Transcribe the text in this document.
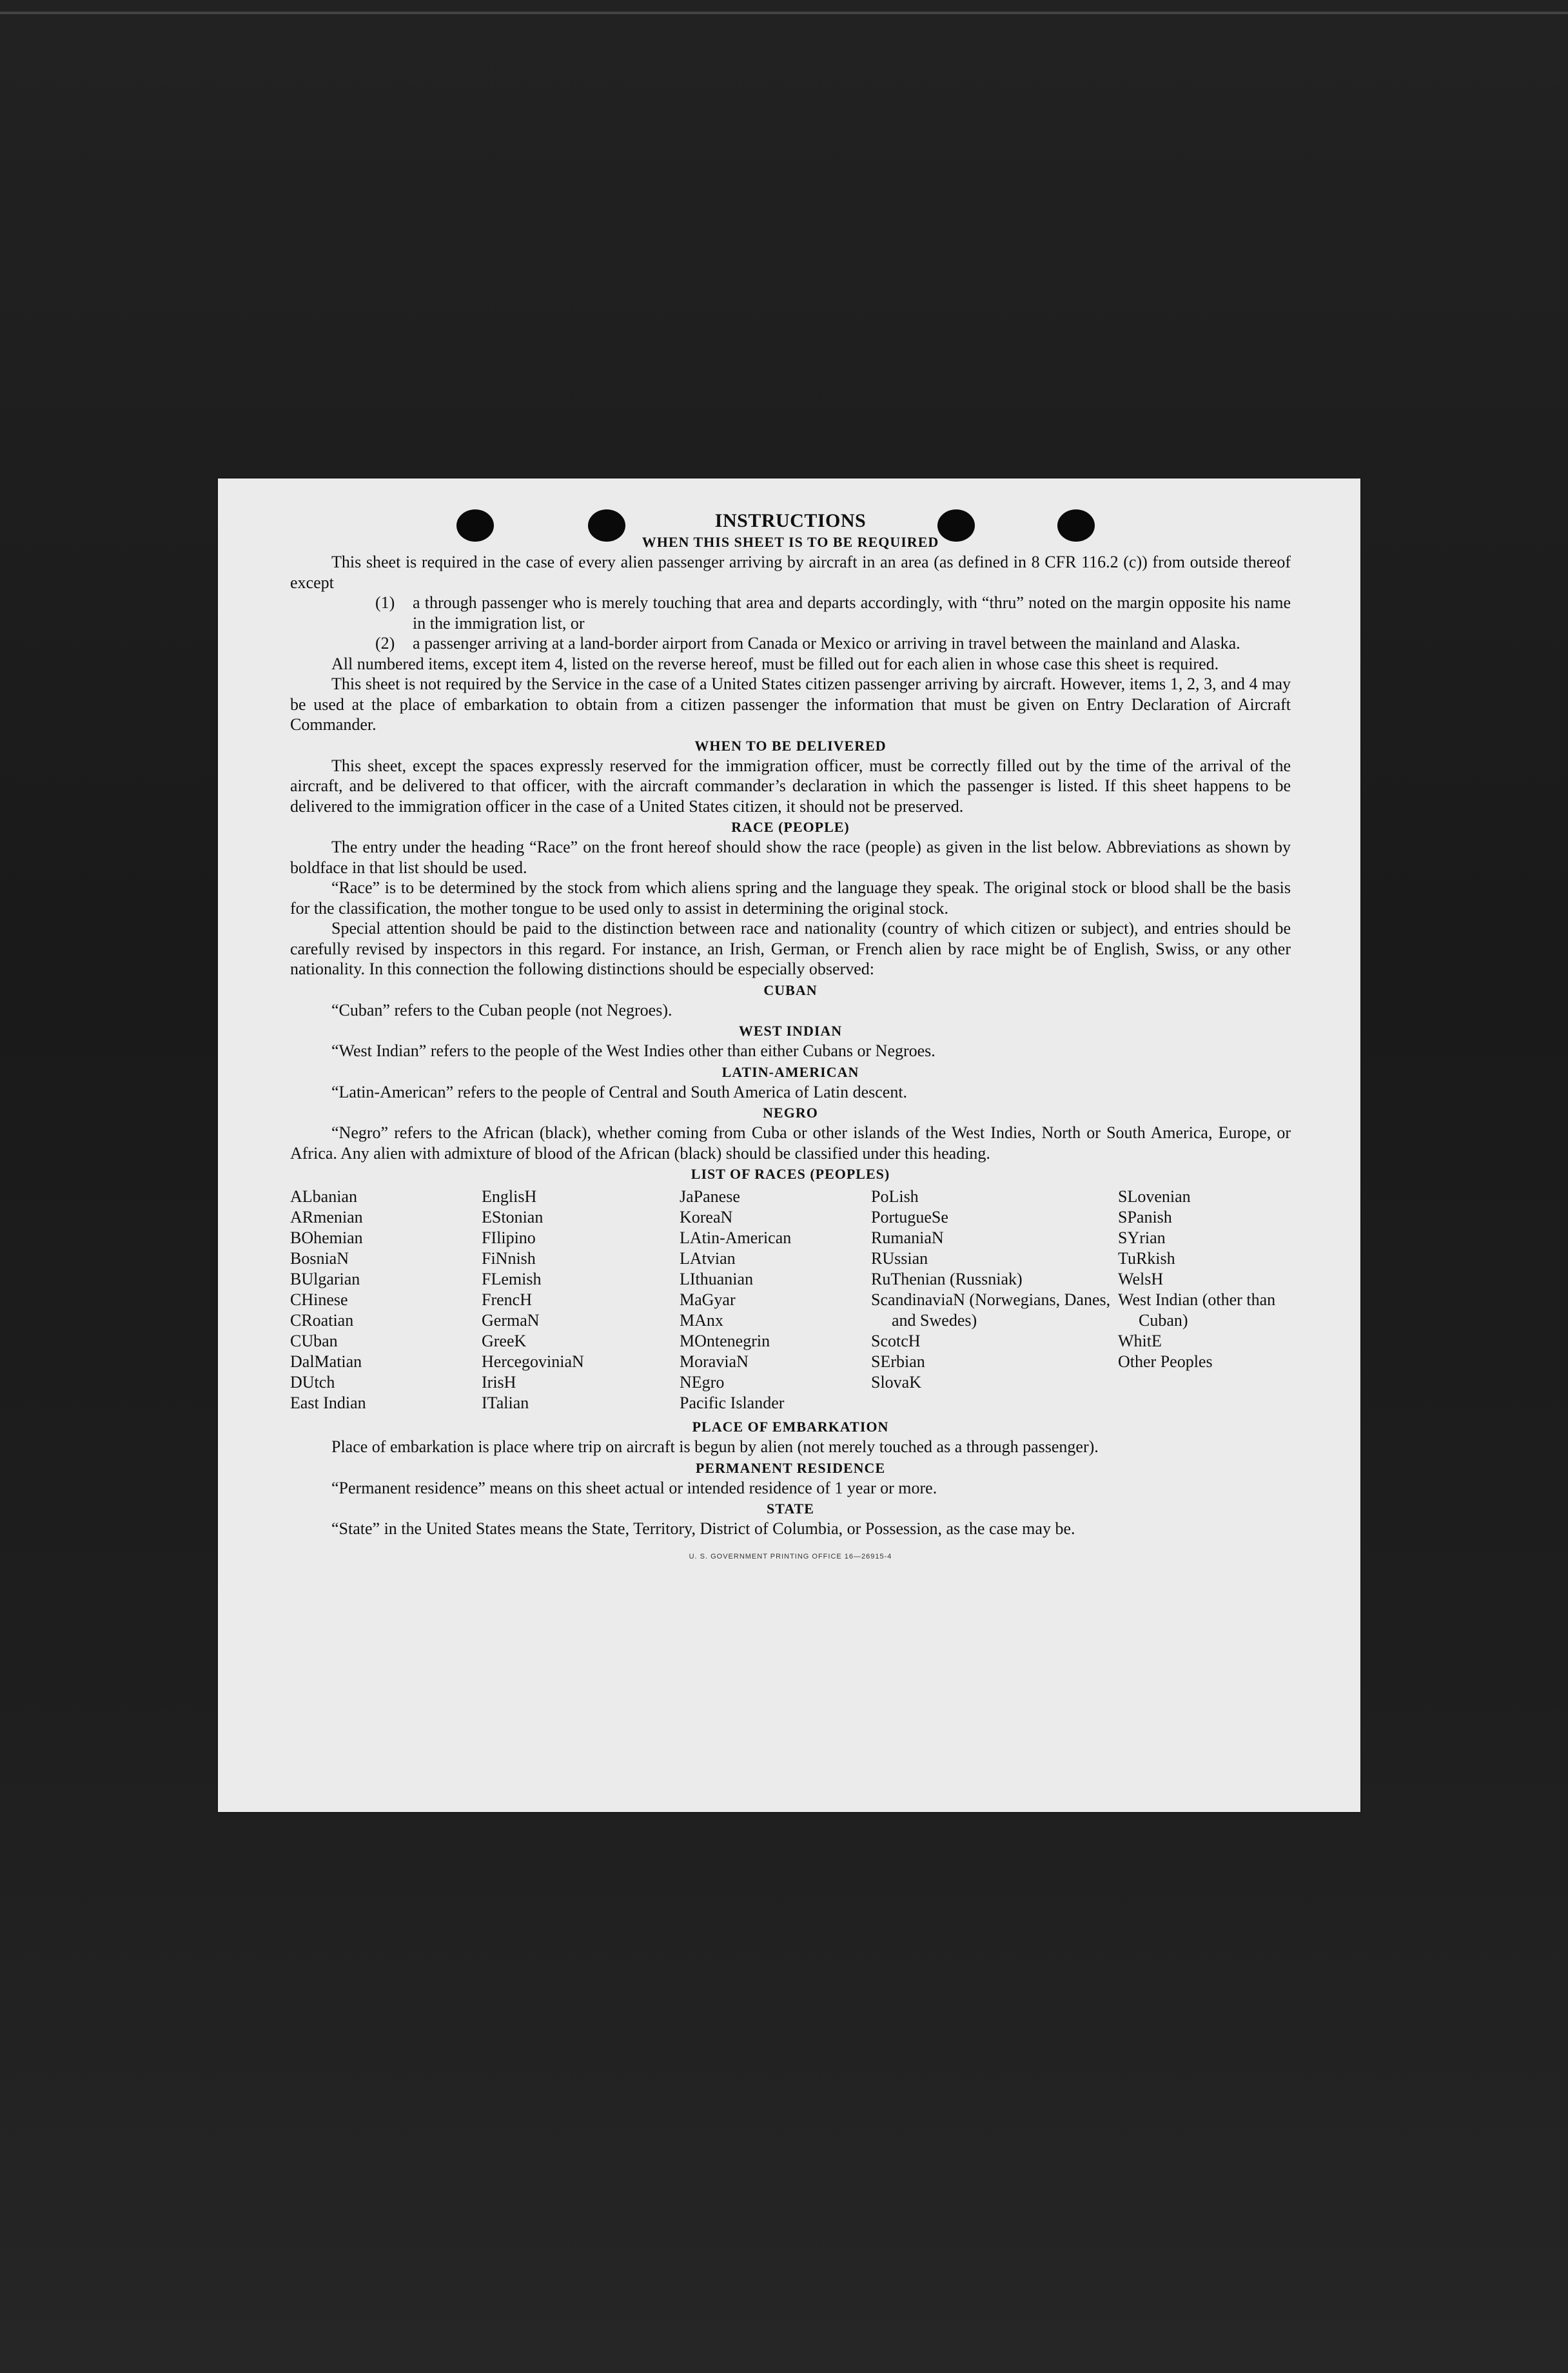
INSTRUCTIONS
WHEN THIS SHEET IS TO BE REQUIRED

This sheet is required in the case of every alien passenger arriving by aircraft in an area (as defined in 8 CFR 116.2 (c)) from outside thereof except

(1)	a through passenger who is merely touching that area and departs accordingly, with “thru” noted on the margin opposite his name in the immigration list, or
(2)	a passenger arriving at a land-border airport from Canada or Mexico or arriving in travel between the mainland and Alaska.

All numbered items, except item 4, listed on the reverse hereof, must be filled out for each alien in whose case this sheet is required.

This sheet is not required by the Service in the case of a United States citizen passenger arriving by aircraft. However, items 1, 2, 3, and 4 may be used at the place of embarkation to obtain from a citizen passenger the information that must be given on Entry Declaration of Aircraft Commander.

WHEN TO BE DELIVERED

This sheet, except the spaces expressly reserved for the immigration officer, must be correctly filled out by the time of the arrival of the aircraft, and be delivered to that officer, with the aircraft commander’s declaration in which the passenger is listed. If this sheet happens to be delivered to the immigration officer in the case of a United States citizen, it should not be preserved.

RACE (PEOPLE)

The entry under the heading “Race” on the front hereof should show the race (people) as given in the list below. Abbreviations as shown by boldface in that list should be used.

“Race” is to be determined by the stock from which aliens spring and the language they speak. The original stock or blood shall be the basis for the classification, the mother tongue to be used only to assist in determining the original stock.

Special attention should be paid to the distinction between race and nationality (country of which citizen or subject), and entries should be carefully revised by inspectors in this regard. For instance, an Irish, German, or French alien by race might be of English, Swiss, or any other nationality. In this connection the following distinctions should be especially observed:

CUBAN

“Cuban” refers to the Cuban people (not Negroes).

WEST INDIAN

“West Indian” refers to the people of the West Indies other than either Cubans or Negroes.

LATIN-AMERICAN

“Latin-American” refers to the people of Central and South America of Latin descent.

NEGRO

“Negro” refers to the African (black), whether coming from Cuba or other islands of the West Indies, North or South America, Europe, or Africa. Any alien with admixture of blood of the African (black) should be classified under this heading.

LIST OF RACES (PEOPLES)
ALbanian
ARmenian
BOhemian
BosniaN
BUlgarian
CHinese
CRoatian
CUban
DalMatian
DUtch
East Indian
EnglisH
EStonian
FIlipino
FiNnish
FLemish
FrencH
GermaN
GreeK
HercegoviniaN
IrisH
ITalian
JaPanese
KoreaN
LAtin-American
LAtvian
LIthuanian
MaGyar
MAnx
MOntenegrin
MoraviaN
NEgro
Pacific Islander
PoLish
PortugueSe
RumaniaN
RUssian
RuThenian (Russniak)
ScandinaviaN (Norwegians, Danes, and Swedes)
ScotcH
SErbian
SlovaK
SLovenian
SPanish
SYrian
TuRkish
WelsH
West Indian (other than Cuban)
WhitE
Other Peoples
PLACE OF EMBARKATION

Place of embarkation is place where trip on aircraft is begun by alien (not merely touched as a through passenger).

PERMANENT RESIDENCE

“Permanent residence” means on this sheet actual or intended residence of 1 year or more.

STATE

“State” in the United States means the State, Territory, District of Columbia, or Possession, as the case may be.

U. S. GOVERNMENT PRINTING OFFICE 16—26915-4
